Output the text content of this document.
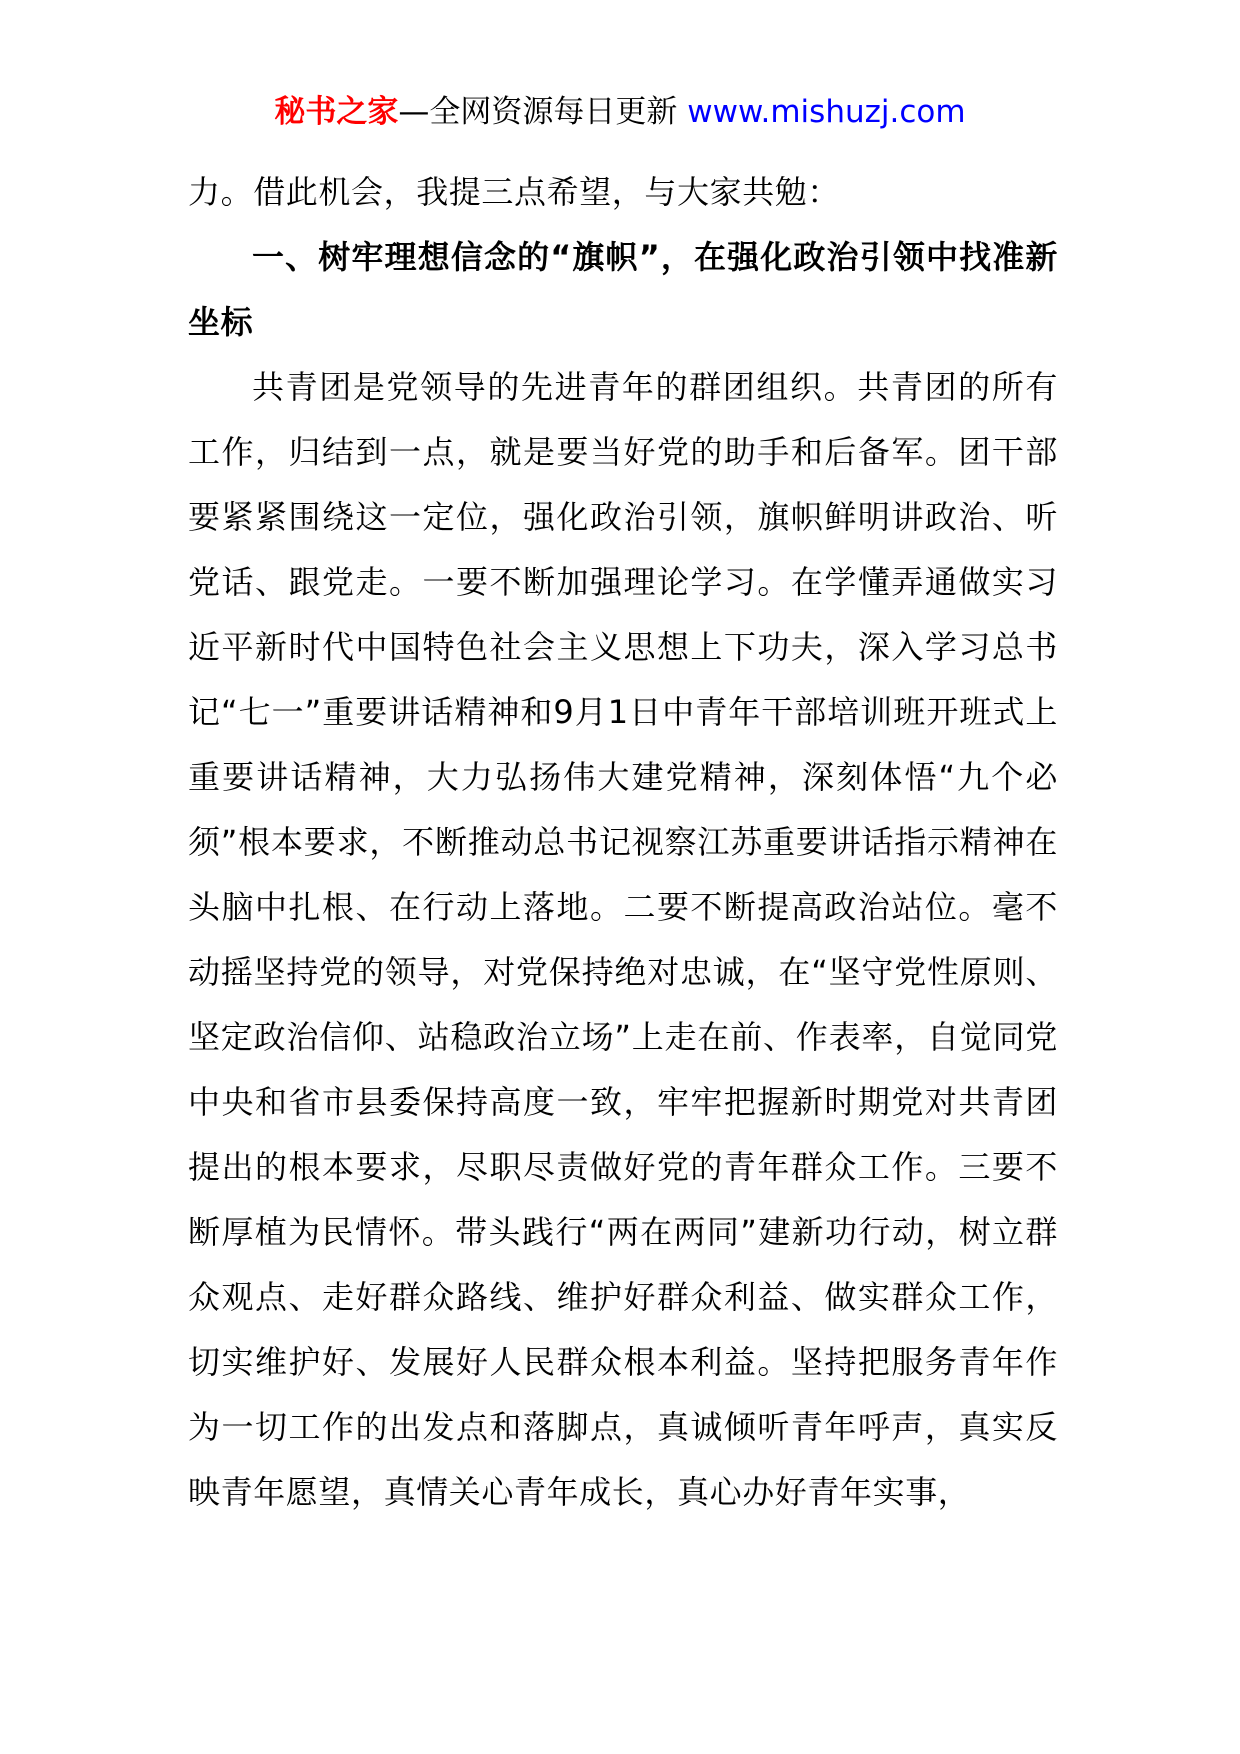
秘书之家—全网资源每日更新 www.mishuzj.com

力。借此机会，我提三点希望，与大家共勉：

一、树牢理想信念的“旗帜”，在强化政治引领中找准新坐标

共青团是党领导的先进青年的群团组织。共青团的所有工作，归结到一点，就是要当好党的助手和后备军。团干部要紧紧围绕这一定位，强化政治引领，旗帜鲜明讲政治、听党话、跟党走。一要不断加强理论学习。在学懂弄通做实习近平新时代中国特色社会主义思想上下功夫，深入学习总书记“七一”重要讲话精神和9月1日中青年干部培训班开班式上重要讲话精神，大力弘扬伟大建党精神，深刻体悟“九个必须”根本要求，不断推动总书记视察江苏重要讲话指示精神在头脑中扎根、在行动上落地。二要不断提高政治站位。毫不动摇坚持党的领导，对党保持绝对忠诚，在“坚守党性原则、坚定政治信仰、站稳政治立场”上走在前、作表率，自觉同党中央和省市县委保持高度一致，牢牢把握新时期党对共青团提出的根本要求，尽职尽责做好党的青年群众工作。三要不断厚植为民情怀。带头践行“两在两同”建新功行动，树立群众观点、走好群众路线、维护好群众利益、做实群众工作，切实维护好、发展好人民群众根本利益。坚持把服务青年作为一切工作的出发点和落脚点，真诚倾听青年呼声，真实反映青年愿望，真情关心青年成长，真心办好青年实事，
